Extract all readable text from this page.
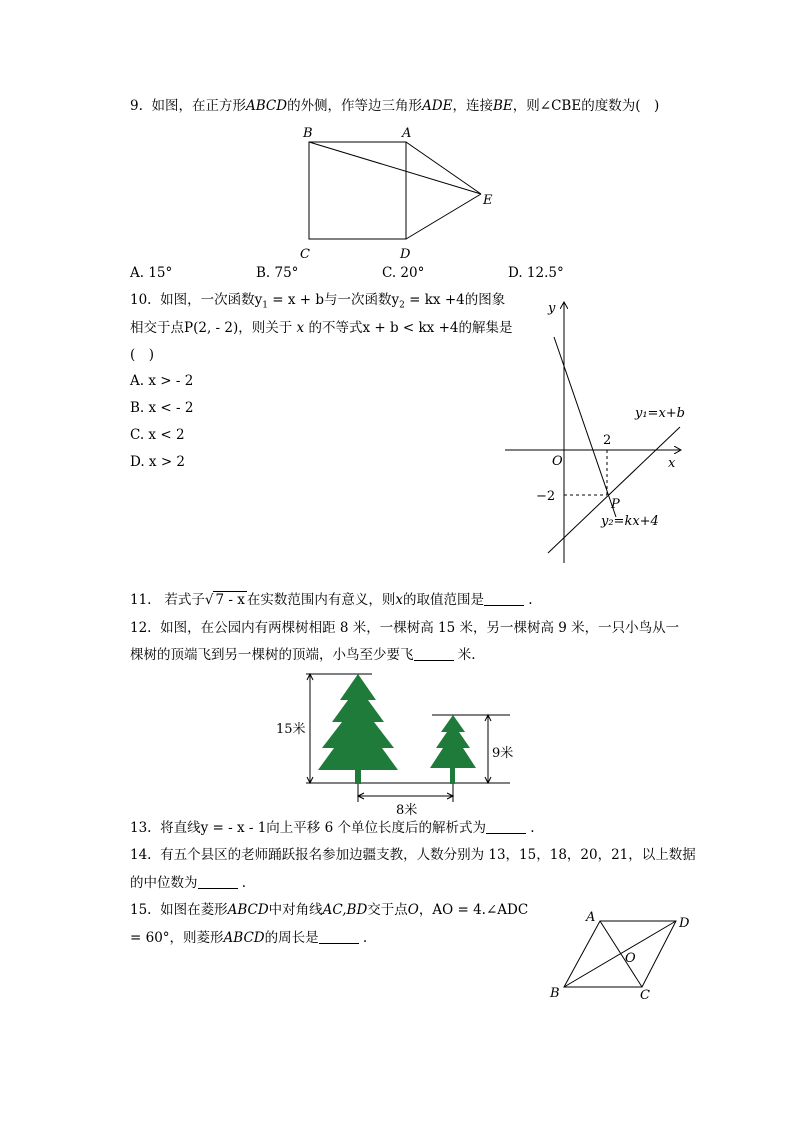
9. 如图，在正方形ABCD的外侧，作等边三角形ADE，连接BE，则∠CBE的度数为(　)
B	A
E
C	D
A. 15°	B. 75°	C. 20°	D. 12.5°
10. 如图，一次函数$y_1 = x + b$与一次函数$y_2$ = kx +4的图象
相交于点P(2, - 2)，则关于 x 的不等式x + b < kx +4的解集是
(　)
A. x > - 2
B. x < - 2
C. x < 2
D. x > 2
y
x
O
2
−2
P
y₁=x+b
y₂=kx+4
11. 若式子√ 7 - x 在实数范围内有意义，则x的取值范围是	.
12. 如图，在公园内有两棵树相距 8 米，一棵树高 15 米，另一棵树高 9 米，一只小鸟从一
棵树的顶端飞到另一棵树的顶端，小鸟至少要飞	米.
15米
9米
8米
13. 将直线y = - x - 1向上平移 6 个单位长度后的解析式为	.
14. 有五个县区的老师踊跃报名参加边疆支教，人数分别为 13，15，18，20，21，以上数据
的中位数为	.
15. 如图在菱形ABCD中对角线AC,BD交于点O，AO = 4.∠ADC
= 60°，则菱形ABCD的周长是	.
A	D
O
B	C
